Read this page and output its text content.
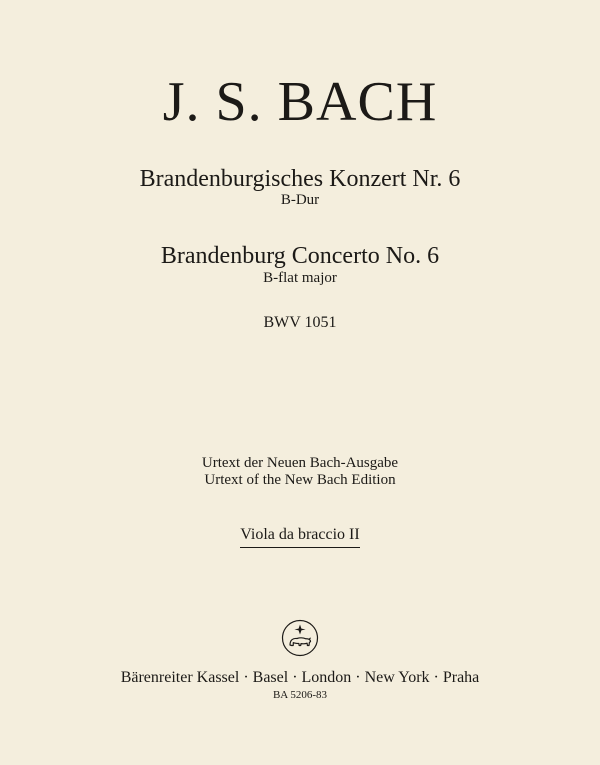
J. S. BACH
Brandenburgisches Konzert Nr. 6
B-Dur
Brandenburg Concerto No. 6
B-flat major
BWV 1051
Urtext der Neuen Bach-Ausgabe
Urtext of the New Bach Edition
Viola da braccio II
Bärenreiter Kassel · Basel · London · New York · Praha
BA 5206-83
